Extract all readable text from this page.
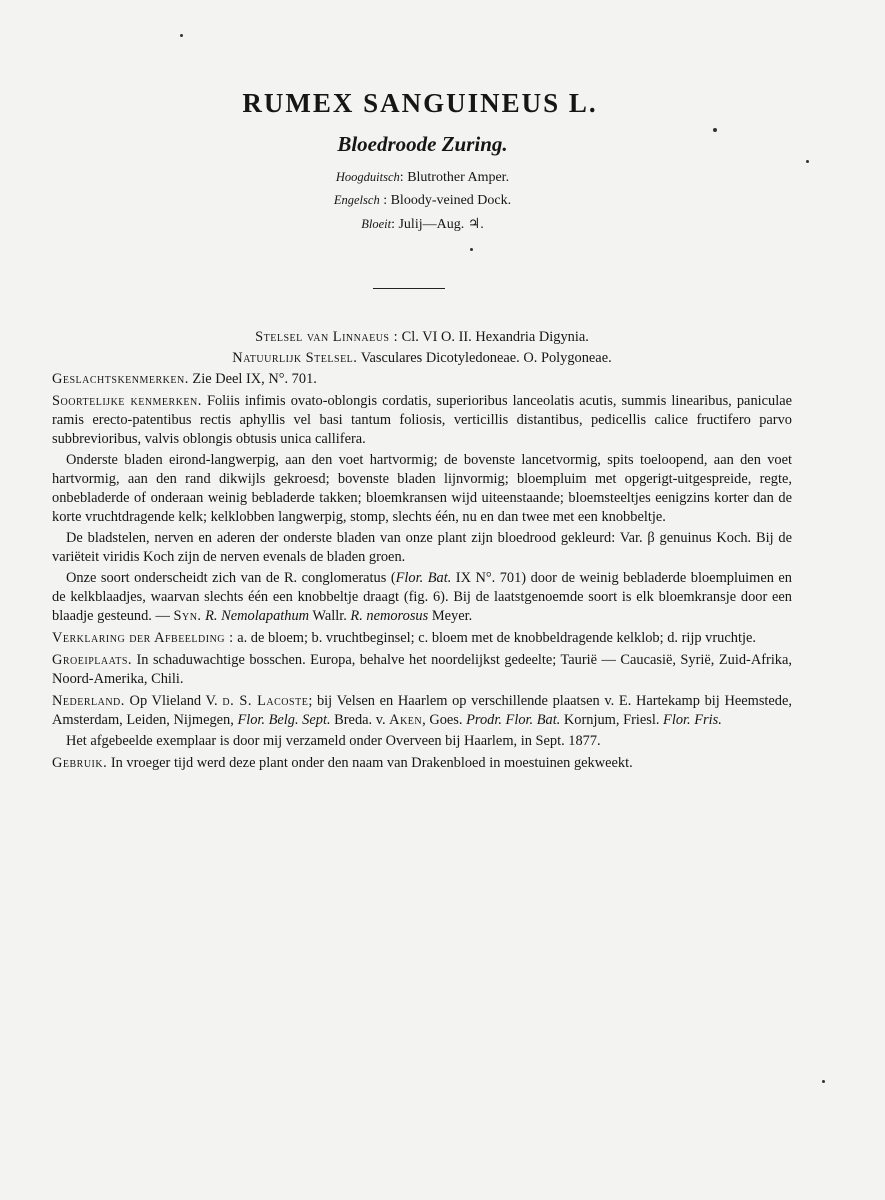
RUMEX SANGUINEUS L.
Bloedroode Zuring.
Hoogduitsch: Blutrother Amper.
Engelsch : Bloody-veined Dock.
Bloeit: Julij—Aug. ♃.

Stelsel van Linnaeus : Cl. VI O. II. Hexandria Digynia.

Natuurlijk Stelsel. Vasculares Dicotyledoneae. O. Polygoneae.

Geslachtskenmerken. Zie Deel IX, N°. 701.

Soortelijke kenmerken. Foliis infimis ovato-oblongis cordatis, superioribus lanceolatis acutis, summis linearibus, paniculae ramis erecto-patentibus rectis aphyllis vel basi tantum foliosis, verticillis distantibus, pedicellis calice fructifero parvo subbrevioribus, valvis oblongis obtusis unica callifera.

Onderste bladen eirond-langwerpig, aan den voet hartvormig; de bovenste lancetvormig, spits toeloopend, aan den voet hartvormig, aan den rand dikwijls gekroesd; bovenste bladen lijnvormig; bloempluim met opgerigt-uitgespreide, regte, onbebladerde of onderaan weinig bebladerde takken; bloemkransen wijd uiteenstaande; bloemsteeltjes eenigzins korter dan de korte vruchtdragende kelk; kelklobben langwerpig, stomp, slechts één, nu en dan twee met een knobbeltje.

De bladstelen, nerven en aderen der onderste bladen van onze plant zijn bloedrood gekleurd: Var. β genuinus Koch. Bij de variëteit viridis Koch zijn de nerven evenals de bladen groen.

Onze soort onderscheidt zich van de R. conglomeratus (Flor. Bat. IX N°. 701) door de weinig bebladerde bloempluimen en de kelkblaadjes, waarvan slechts één een knobbeltje draagt (fig. 6). Bij de laatstgenoemde soort is elk bloemkransje door een blaadje gesteund. — Syn. R. Nemolapathum Wallr. R. nemorosus Meyer.

Verklaring der Afbeelding : a. de bloem; b. vruchtbeginsel; c. bloem met de knobbeldragende kelklob; d. rijp vruchtje.

Groeiplaats. In schaduwachtige bosschen. Europa, behalve het noordelijkst gedeelte; Taurië — Caucasië, Syrië, Zuid-Afrika, Noord-Amerika, Chili.

Nederland. Op Vlieland V. d. S. Lacoste; bij Velsen en Haarlem op verschillende plaatsen v. E. Hartekamp bij Heemstede, Amsterdam, Leiden, Nijmegen, Flor. Belg. Sept. Breda. v. Aken, Goes. Prodr. Flor. Bat. Kornjum, Friesl. Flor. Fris.

Het afgebeelde exemplaar is door mij verzameld onder Overveen bij Haarlem, in Sept. 1877.

Gebruik. In vroeger tijd werd deze plant onder den naam van Drakenbloed in moestuinen gekweekt.
